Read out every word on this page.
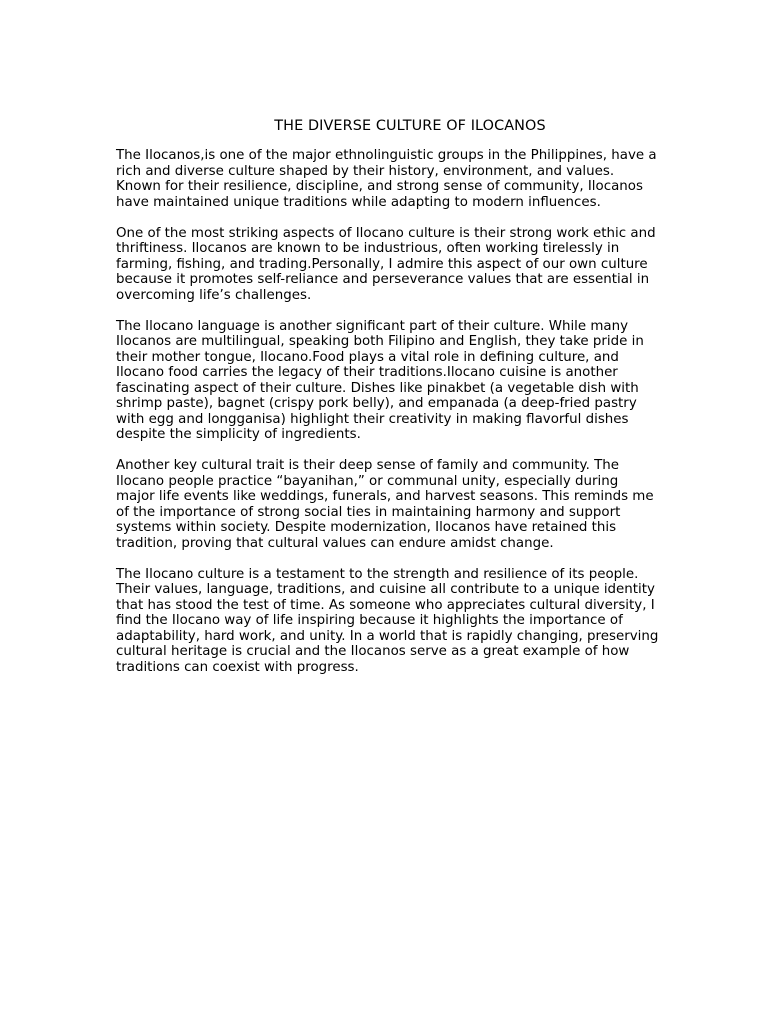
THE DIVERSE CULTURE OF ILOCANOS

The Ilocanos,is one of the major ethnolinguistic groups in the Philippines, have a rich and diverse culture shaped by their history, environment, and values. Known for their resilience, discipline, and strong sense of community, Ilocanos have maintained unique traditions while adapting to modern influences.

One of the most striking aspects of Ilocano culture is their strong work ethic and thriftiness. Ilocanos are known to be industrious, often working tirelessly in farming, fishing, and trading.Personally, I admire this aspect of our own culture because it promotes self-reliance and perseverance values that are essential in overcoming life’s challenges.

The Ilocano language is another significant part of their culture. While many Ilocanos are multilingual, speaking both Filipino and English, they take pride in their mother tongue, Ilocano.Food plays a vital role in defining culture, and Ilocano food carries the legacy of their traditions.Ilocano cuisine is another fascinating aspect of their culture. Dishes like pinakbet (a vegetable dish with shrimp paste), bagnet (crispy pork belly), and empanada (a deep-fried pastry with egg and longganisa) highlight their creativity in making flavorful dishes despite the simplicity of ingredients.

Another key cultural trait is their deep sense of family and community. The Ilocano people practice “bayanihan,” or communal unity, especially during major life events like weddings, funerals, and harvest seasons. This reminds me of the importance of strong social ties in maintaining harmony and support systems within society. Despite modernization, Ilocanos have retained this tradition, proving that cultural values can endure amidst change.

The Ilocano culture is a testament to the strength and resilience of its people. Their values, language, traditions, and cuisine all contribute to a unique identity that has stood the test of time. As someone who appreciates cultural diversity, I find the Ilocano way of life inspiring because it highlights the importance of adaptability, hard work, and unity. In a world that is rapidly changing, preserving cultural heritage is crucial and the Ilocanos serve as a great example of how traditions can coexist with progress.
